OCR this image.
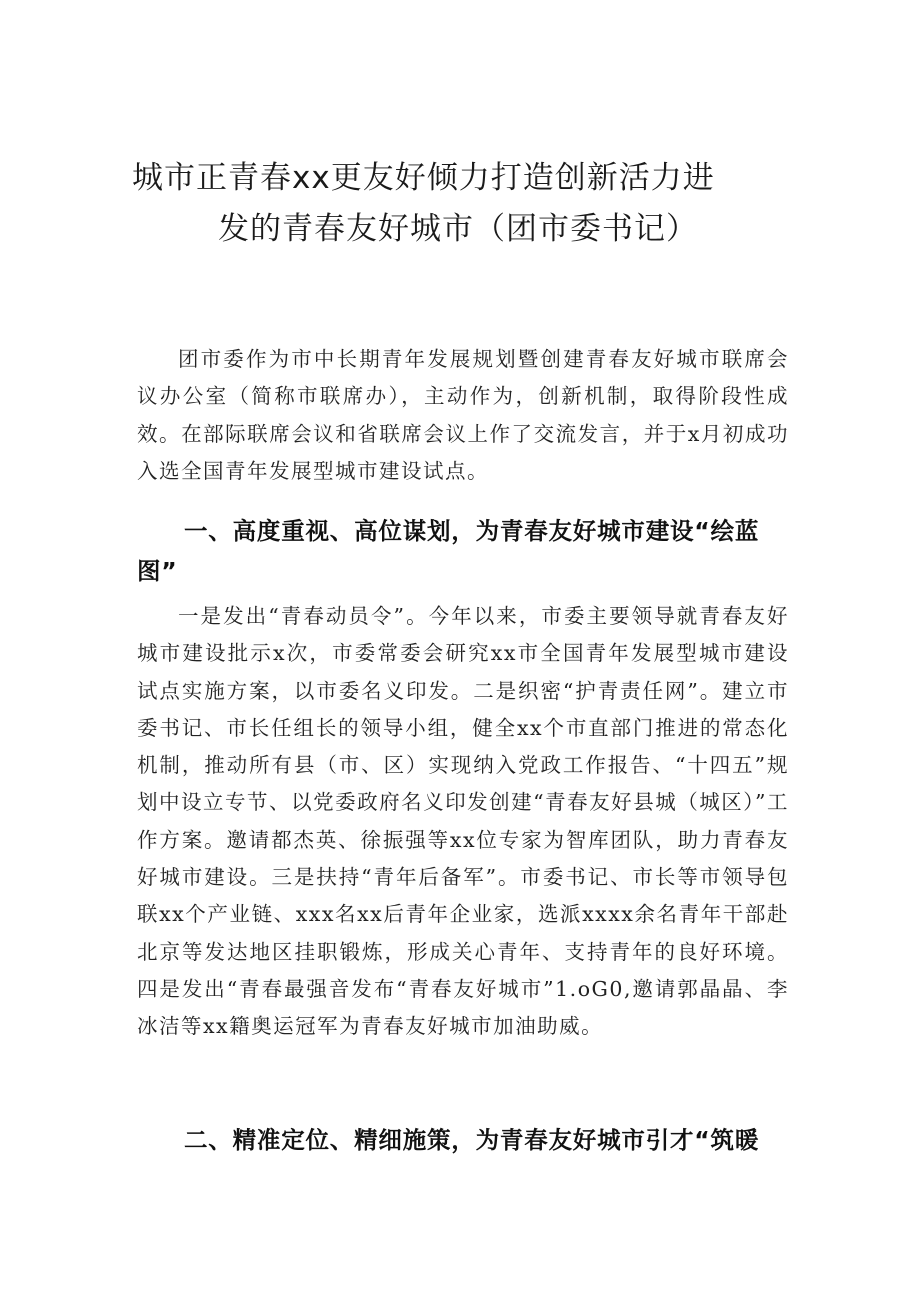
城市正青春xx更友好倾力打造创新活力进
发的青春友好城市（团市委书记）

团市委作为市中长期青年发展规划暨创建青春友好城市联席会议办公室（简称市联席办），主动作为，创新机制，取得阶段性成效。在部际联席会议和省联席会议上作了交流发言，并于x月初成功入选全国青年发展型城市建设试点。

一、高度重视、高位谋划，为青春友好城市建设“绘蓝图”

一是发出“青春动员令”。今年以来，市委主要领导就青春友好城市建设批示x次，市委常委会研究xx市全国青年发展型城市建设试点实施方案，以市委名义印发。二是织密“护青责任网”。建立市委书记、市长任组长的领导小组，健全xx个市直部门推进的常态化机制，推动所有县（市、区）实现纳入党政工作报告、“十四五”规划中设立专节、以党委政府名义印发创建“青春友好县城（城区）”工作方案。邀请都杰英、徐振强等xx位专家为智库团队，助力青春友好城市建设。三是扶持“青年后备军”。市委书记、市长等市领导包联xx个产业链、xxx名xx后青年企业家，选派xxxx余名青年干部赴北京等发达地区挂职锻炼，形成关心青年、支持青年的良好环境。四是发出“青春最强音发布“青春友好城市”1.oG0,邀请郭晶晶、李冰洁等xx籍奥运冠军为青春友好城市加油助威。

二、精准定位、精细施策，为青春友好城市引才“筑暖
